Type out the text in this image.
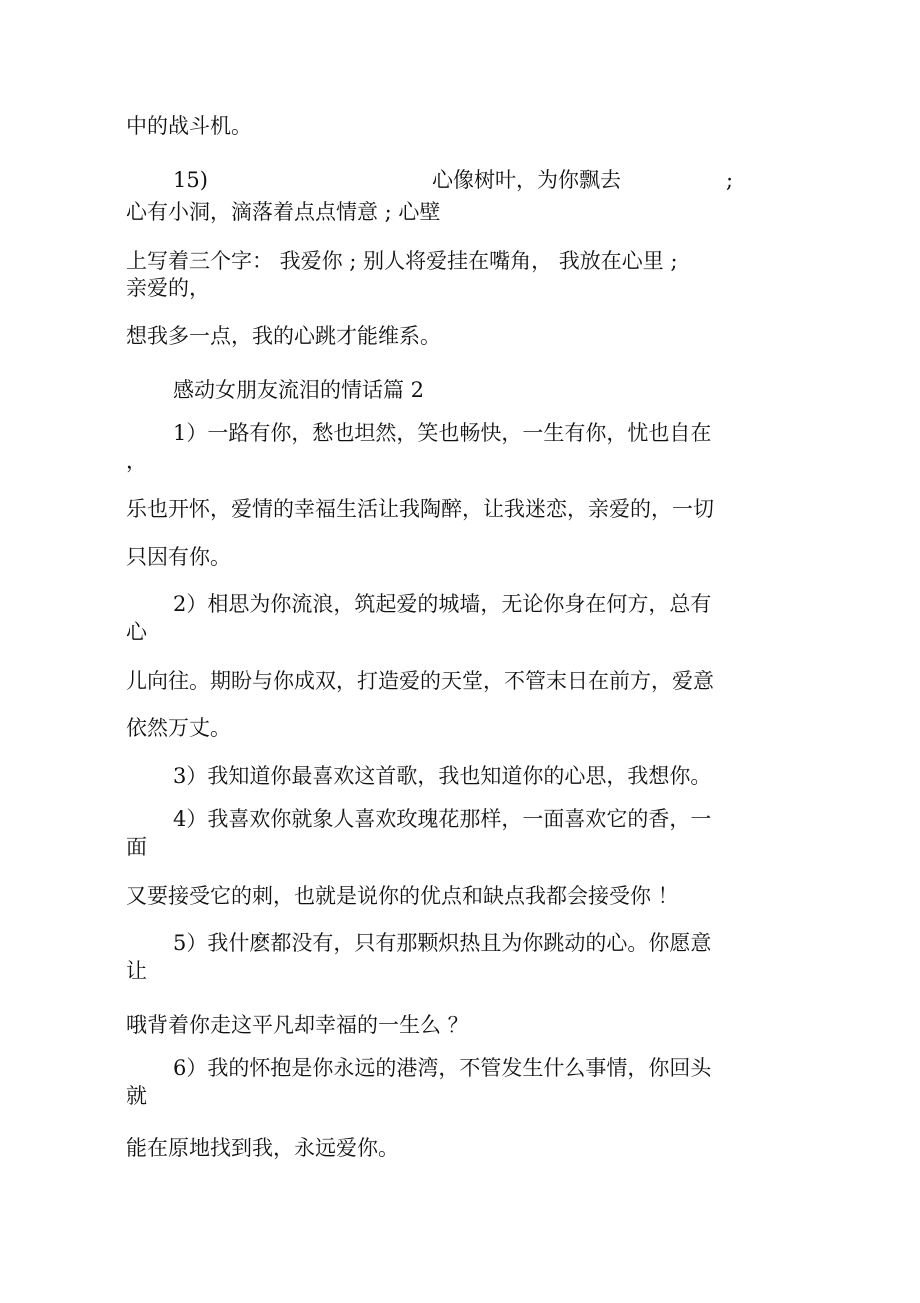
中的战斗机。
15)	心像树叶，为你飘去	;
心有小洞，滴落着点点情意 ; 心壁
上写着三个字： 我爱你 ; 别人将爱挂在嘴角， 我放在心里 ;
亲爱的，
想我多一点，我的心跳才能维系。
感动女朋友流泪的情话篇 2
1）一路有你，愁也坦然，笑也畅快，一生有你，忧也自在
，
乐也开怀，爱情的幸福生活让我陶醉，让我迷恋，亲爱的，一切
只因有你。
2）相思为你流浪，筑起爱的城墙，无论你身在何方，总有
心
儿向往。期盼与你成双，打造爱的天堂，不管末日在前方，爱意
依然万丈。
3）我知道你最喜欢这首歌，我也知道你的心思，我想你。
4）我喜欢你就象人喜欢玫瑰花那样，一面喜欢它的香，一
面
又要接受它的刺，也就是说你的优点和缺点我都会接受你 ！
5）我什麽都没有，只有那颗炽热且为你跳动的心。你愿意
让
哦背着你走这平凡却幸福的一生么 ？
6）我的怀抱是你永远的港湾，不管发生什么事情，你回头
就
能在原地找到我，永远爱你。
